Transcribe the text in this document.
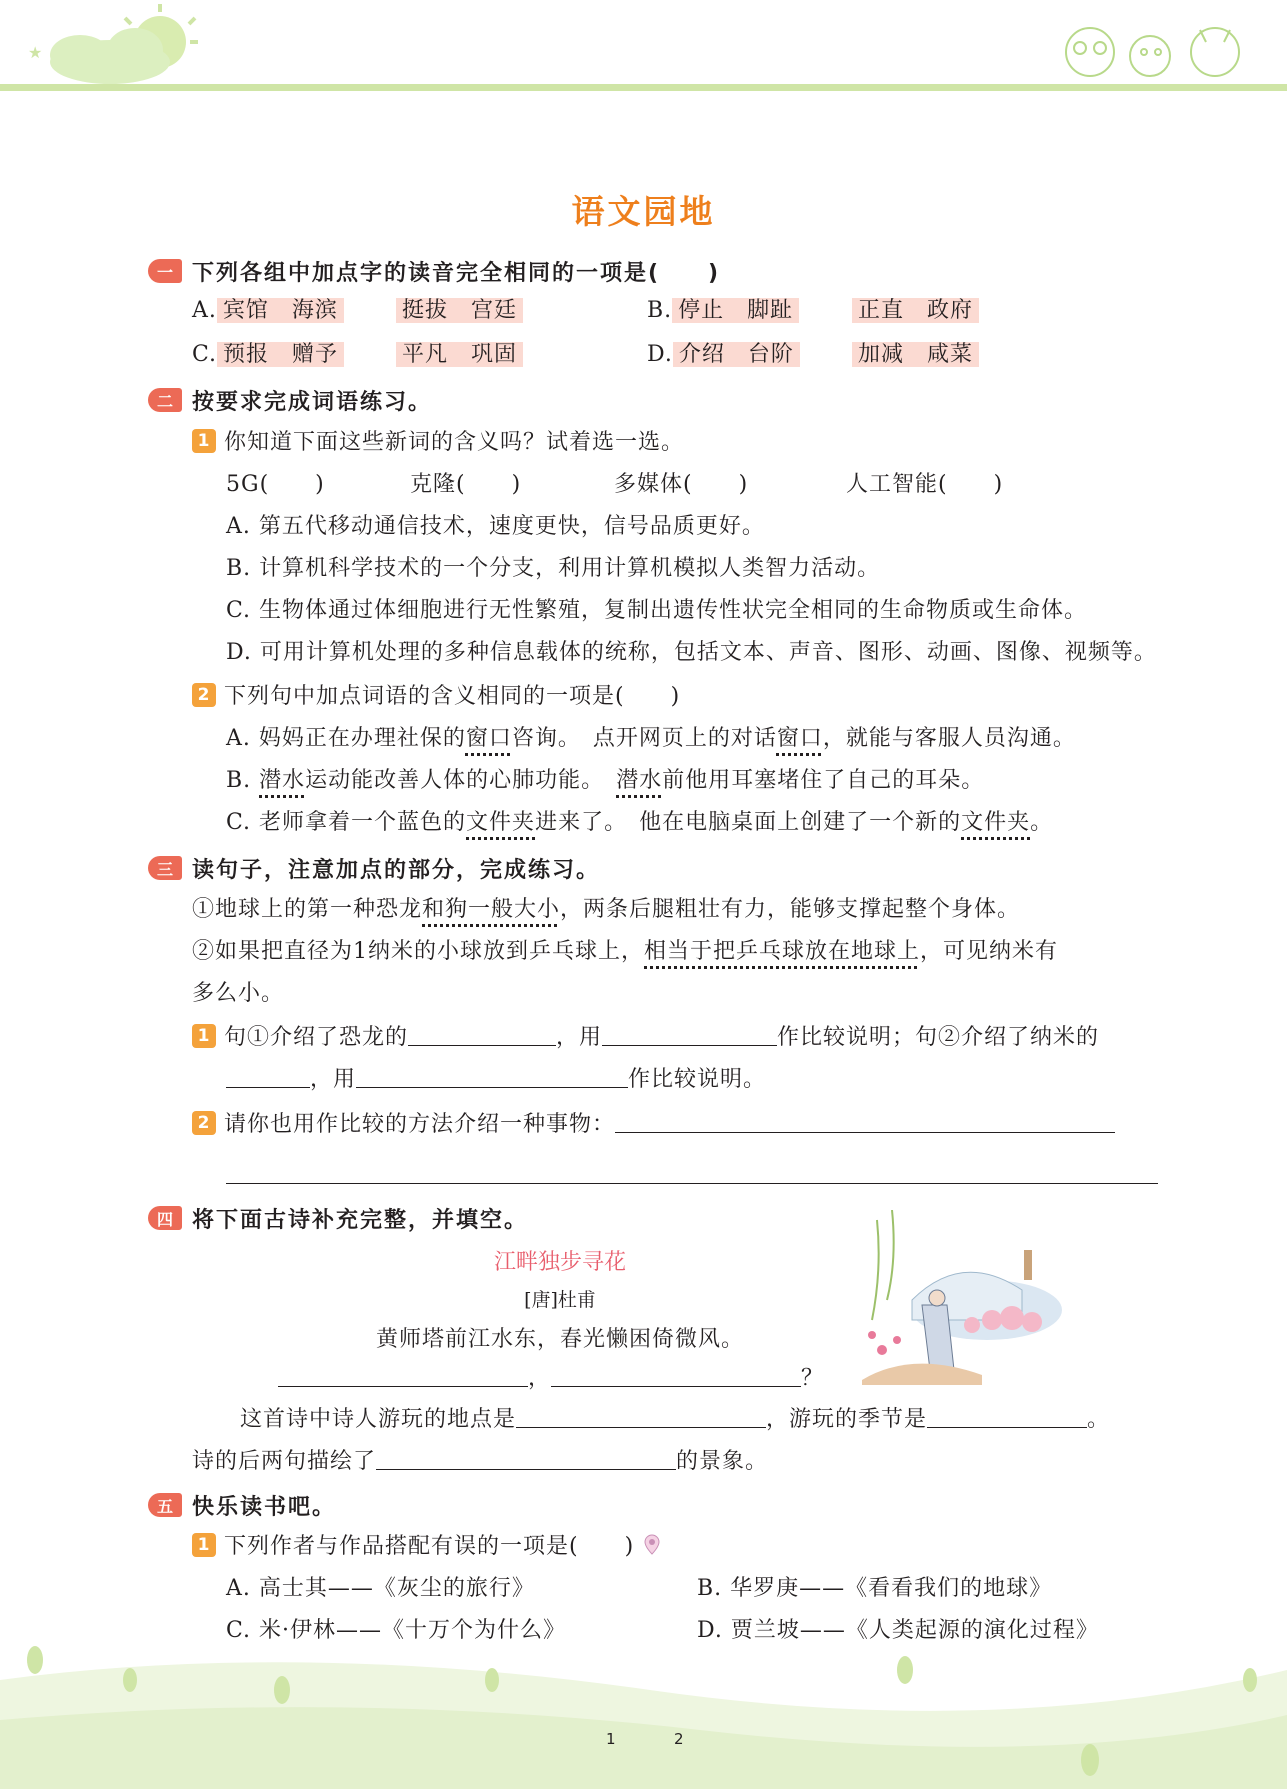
★
语文园地
一 下列各组中加点字的读音完全相同的一项是(　　)
A. 宾馆　海滨	挺拔　宫廷	B. 停止　脚趾	正直　政府
C. 预报　赠予	平凡　巩固	D. 介绍　台阶	加减　咸菜
二 按要求完成词语练习。
1 你知道下面这些新词的含义吗？试着选一选。
5G(　　)	克隆(　　)	多媒体(　　)	人工智能(　　)
A. 第五代移动通信技术，速度更快，信号品质更好。
B. 计算机科学技术的一个分支，利用计算机模拟人类智力活动。
C. 生物体通过体细胞进行无性繁殖，复制出遗传性状完全相同的生命物质或生命体。
D. 可用计算机处理的多种信息载体的统称，包括文本、声音、图形、动画、图像、视频等。
2 下列句中加点词语的含义相同的一项是(　　)
A. 妈妈正在办理社保的窗口咨询。　点开网页上的对话窗口，就能与客服人员沟通。
B. 潜水运动能改善人体的心肺功能。　潜水前他用耳塞堵住了自己的耳朵。
C. 老师拿着一个蓝色的文件夹进来了。　他在电脑桌面上创建了一个新的文件夹。
三 读句子，注意加点的部分，完成练习。
①地球上的第一种恐龙和狗一般大小，两条后腿粗壮有力，能够支撑起整个身体。
②如果把直径为1纳米的小球放到乒乓球上，相当于把乒乓球放在地球上，可见纳米有
多么小。
1 句①介绍了恐龙的	，用	作比较说明；句②介绍了纳米的
，用	作比较说明。
2 请你也用作比较的方法介绍一种事物：
四 将下面古诗补充完整，并填空。
江畔独步寻花
[唐]杜甫
黄师塔前江水东，春光懒困倚微风。
，	？
这首诗中诗人游玩的地点是	，游玩的季节是	。
诗的后两句描绘了	的景象。
五 快乐读书吧。
1 下列作者与作品搭配有误的一项是(　　)
A. 高士其——《灰尘的旅行》	B. 华罗庚——《看看我们的地球》
C. 米·伊林——《十万个为什么》	D. 贾兰坡——《人类起源的演化过程》
1	2
